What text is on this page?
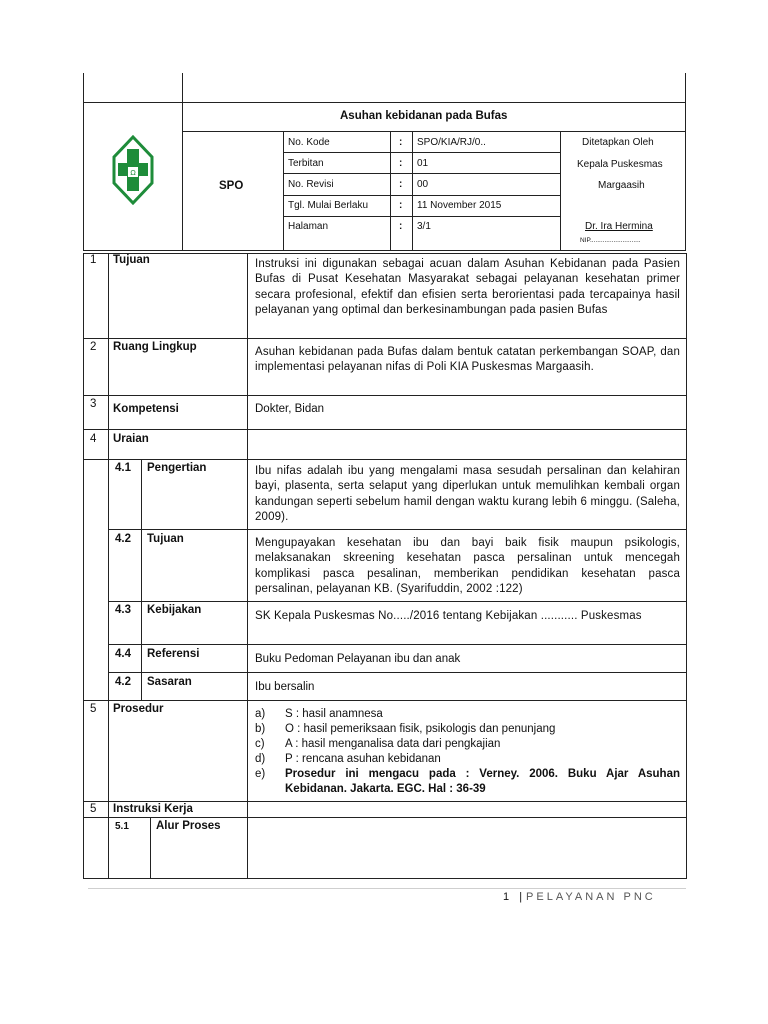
Asuhan kebidanan pada Bufas
Ω
SPO
No. Kode	: SPO/KIA/RJ/0..
Terbitan	: 01
No. Revisi	: 00
Tgl. Mulai Berlaku	: 11 November 2015
Halaman	: 3/1
Ditetapkan Oleh
Kepala Puskesmas
Margaasih
Dr. Ira Hermina
NIP............................
1 Tujuan	Instruksi ini digunakan sebagai acuan dalam Asuhan Kebidanan pada Pasien Bufas di Pusat Kesehatan Masyarakat sebagai pelayanan kesehatan primer secara profesional, efektif dan efisien serta berorientasi pada tercapainya hasil pelayanan yang optimal dan berkesinambungan pada pasien Bufas
2 Ruang Lingkup	Asuhan kebidanan pada Bufas dalam bentuk catatan perkembangan SOAP, dan implementasi pelayanan nifas di Poli KIA Puskesmas Margaasih.
3 Kompetensi	Dokter, Bidan
4 Uraian
4.1 Pengertian	Ibu nifas adalah ibu yang mengalami masa sesudah persalinan dan kelahiran bayi, plasenta, serta selaput yang diperlukan untuk memulihkan kembali organ kandungan seperti sebelum hamil dengan waktu kurang lebih 6 minggu. (Saleha, 2009).
4.2 Tujuan	Mengupayakan kesehatan ibu dan bayi baik fisik maupun psikologis, melaksanakan skreening kesehatan pasca persalinan untuk mencegah komplikasi pasca pesalinan, memberikan pendidikan kesehatan pasca persalinan, pelayanan KB. (Syarifuddin, 2002 :122)
4.3 Kebijakan	SK Kepala Puskesmas No...../2016 tentang Kebijakan ........... Puskesmas
4.4 Referensi	Buku Pedoman Pelayanan ibu dan anak
4.2 Sasaran	Ibu bersalin
5 Prosedur	a) S : hasil anamnesa
b) O : hasil pemeriksaan fisik, psikologis dan penunjang
c) A : hasil menganalisa data dari pengkajian
d) P : rencana asuhan kebidanan
e) Prosedur ini mengacu pada : Verney. 2006. Buku Ajar Asuhan Kebidanan. Jakarta. EGC. Hal : 36-39
5 Instruksi Kerja
5.1 Alur Proses
1 | PELAYANAN PNC
